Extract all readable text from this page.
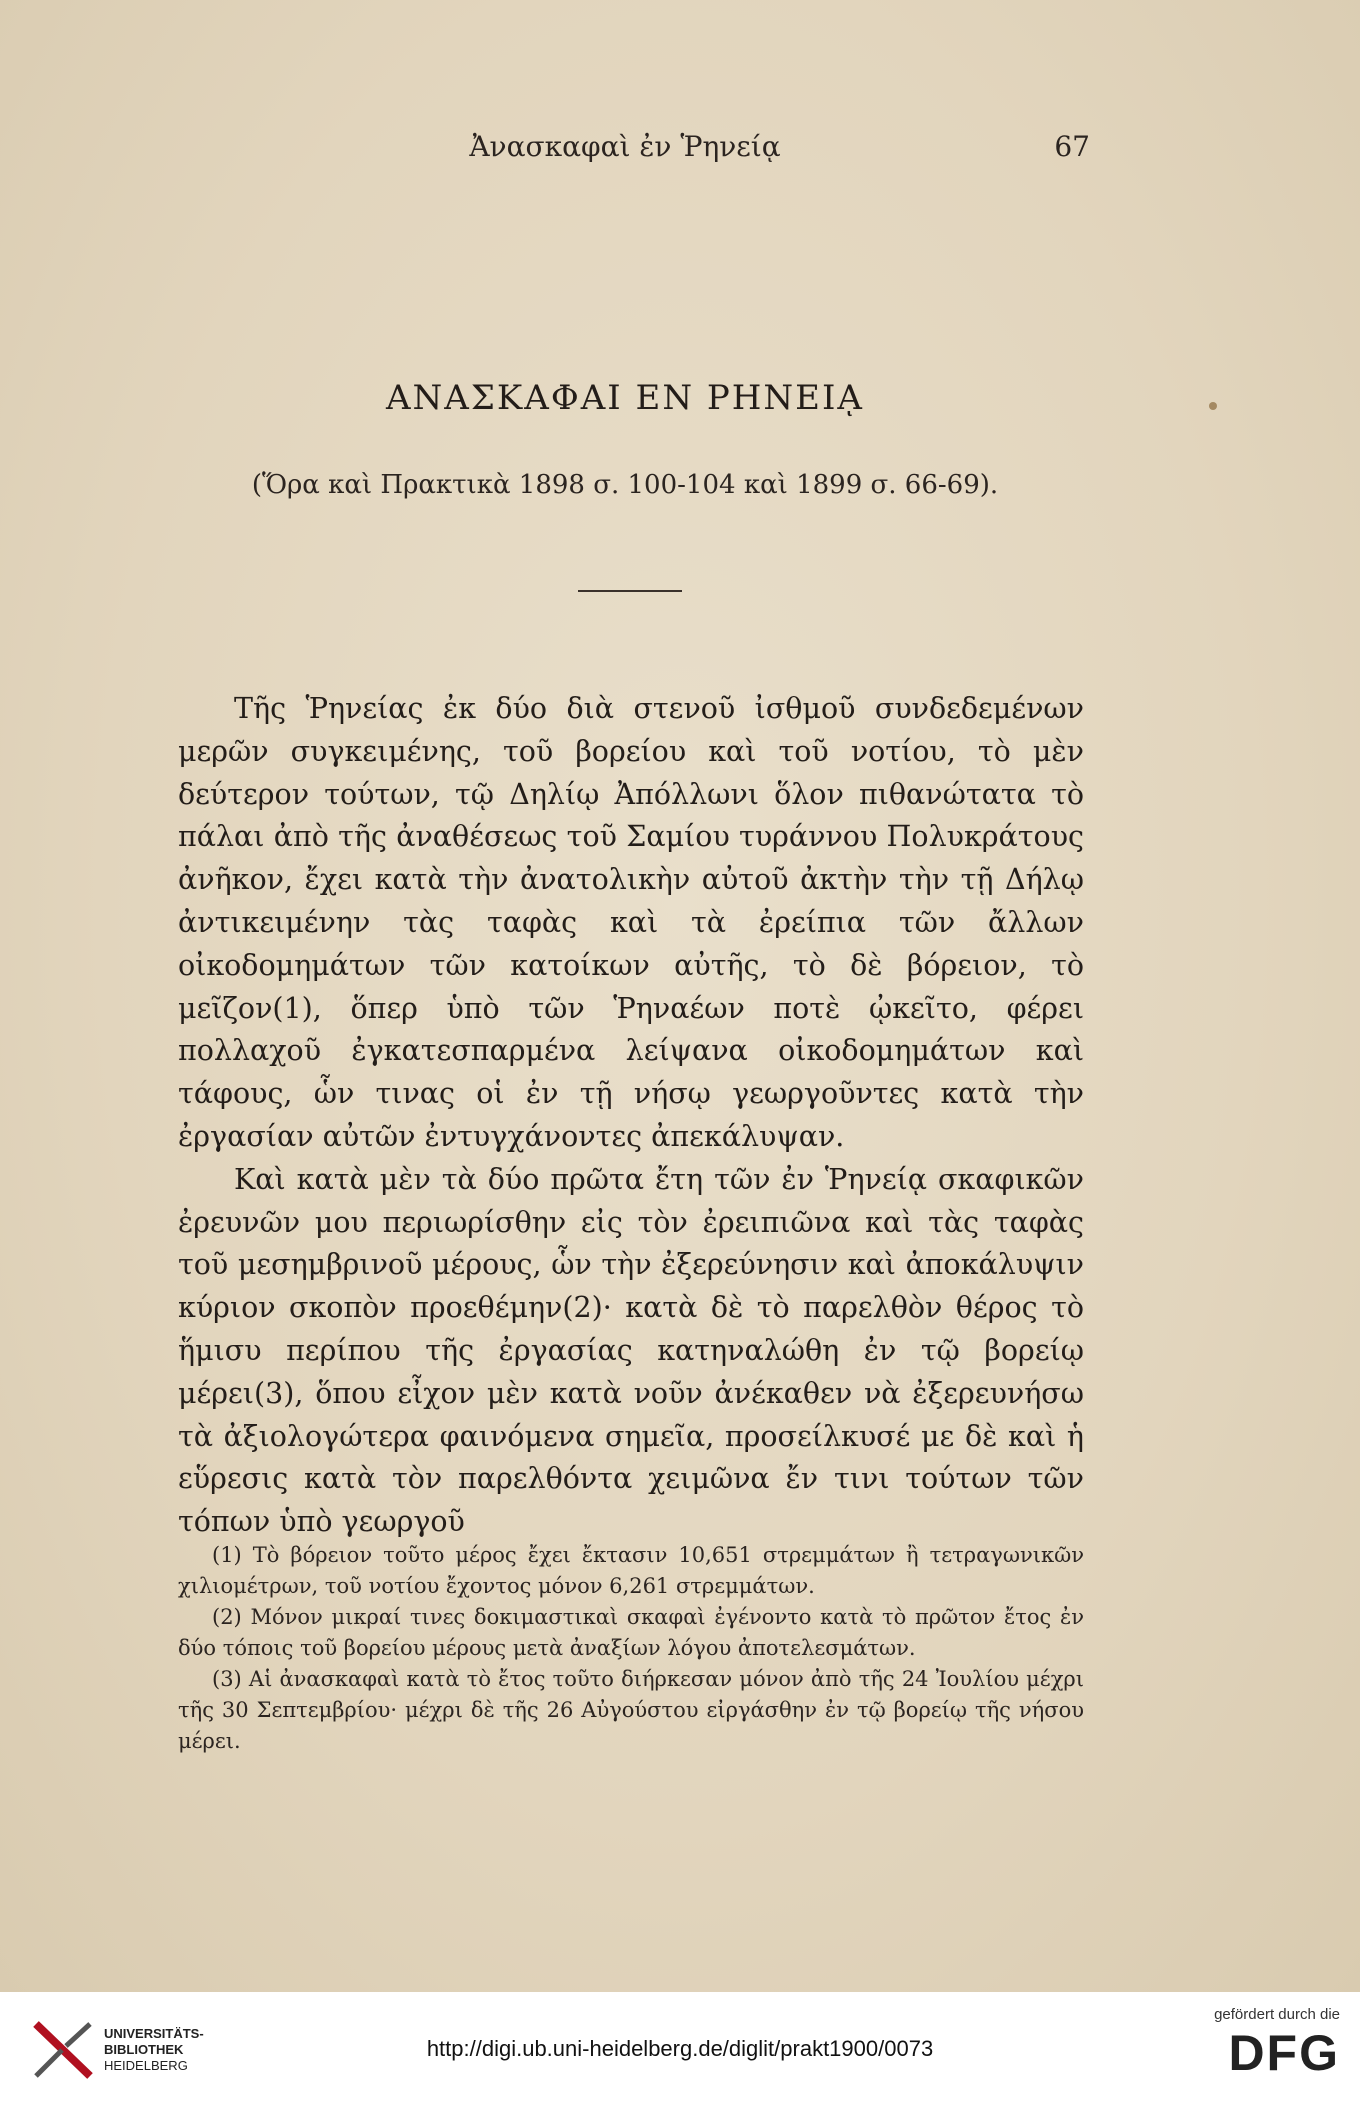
Ἀνασκαφαὶ ἐν Ῥηνείᾳ	67
ΑΝΑΣΚΑΦΑΙ ΕΝ ΡΗΝΕΙᾼ
(Ὅρα καὶ Πρακτικὰ 1898 σ. 100-104 καὶ 1899 σ. 66-69).

Τῆς Ῥηνείας ἐκ δύο διὰ στενοῦ ἰσθμοῦ συνδεδεμένων μερῶν συγκειμένης, τοῦ βορείου καὶ τοῦ νοτίου, τὸ μὲν δεύτερον τούτων, τῷ Δηλίῳ Ἀπόλλωνι ὅλον πιθανώτατα τὸ πάλαι ἀπὸ τῆς ἀναθέσεως τοῦ Σαμίου τυράννου Πολυκράτους ἀνῆκον, ἔχει κατὰ τὴν ἀνατολικὴν αὐτοῦ ἀκτὴν τὴν τῇ Δήλῳ ἀντικειμένην τὰς ταφὰς καὶ τὰ ἐρείπια τῶν ἄλλων οἰκοδομημάτων τῶν κατοίκων αὐτῆς, τὸ δὲ βόρειον, τὸ μεῖζον(1), ὅπερ ὑπὸ τῶν Ῥηναέων ποτὲ ᾠκεῖτο, φέρει πολλαχοῦ ἐγκατεσπαρμένα λείψανα οἰκοδομημάτων καὶ τάφους, ὧν τινας οἱ ἐν τῇ νήσῳ γεωργοῦντες κατὰ τὴν ἐργασίαν αὐτῶν ἐντυγχάνοντες ἀπεκάλυψαν.

Καὶ κατὰ μὲν τὰ δύο πρῶτα ἔτη τῶν ἐν Ῥηνείᾳ σκαφικῶν ἐρευνῶν μου περιωρίσθην εἰς τὸν ἐρειπιῶνα καὶ τὰς ταφὰς τοῦ μεσημβρινοῦ μέρους, ὧν τὴν ἐξερεύνησιν καὶ ἀποκάλυψιν κύριον σκοπὸν προεθέμην(2)· κατὰ δὲ τὸ παρελθὸν θέρος τὸ ἥμισυ περίπου τῆς ἐργασίας κατηναλώθη ἐν τῷ βορείῳ μέρει(3), ὅπου εἶχον μὲν κατὰ νοῦν ἀνέκαθεν νὰ ἐξερευνήσω τὰ ἀξιολογώτερα φαινόμενα σημεῖα, προσείλκυσέ με δὲ καὶ ἡ εὕρεσις κατὰ τὸν παρελθόντα χειμῶνα ἔν τινι τούτων τῶν τόπων ὑπὸ γεωργοῦ

(1) Τὸ βόρειον τοῦτο μέρος ἔχει ἔκτασιν 10,651 στρεμμάτων ἢ τετραγωνικῶν χιλιομέτρων, τοῦ νοτίου ἔχοντος μόνον 6,261 στρεμμάτων.

(2) Μόνον μικραί τινες δοκιμαστικαὶ σκαφαὶ ἐγένοντο κατὰ τὸ πρῶτον ἔτος ἐν δύο τόποις τοῦ βορείου μέρους μετὰ ἀναξίων λόγου ἀποτελεσμάτων.

(3) Αἱ ἀνασκαφαὶ κατὰ τὸ ἔτος τοῦτο διήρκεσαν μόνον ἀπὸ τῆς 24 Ἰουλίου μέχρι τῆς 30 Σεπτεμβρίου· μέχρι δὲ τῆς 26 Αὐγούστου εἰργάσθην ἐν τῷ βορείῳ τῆς νήσου μέρει.

UNIVERSITÄTS-
BIBLIOTHEK
HEIDELBERG
http://digi.ub.uni-heidelberg.de/diglit/prakt1900/0073
gefördert durch die
DFG
